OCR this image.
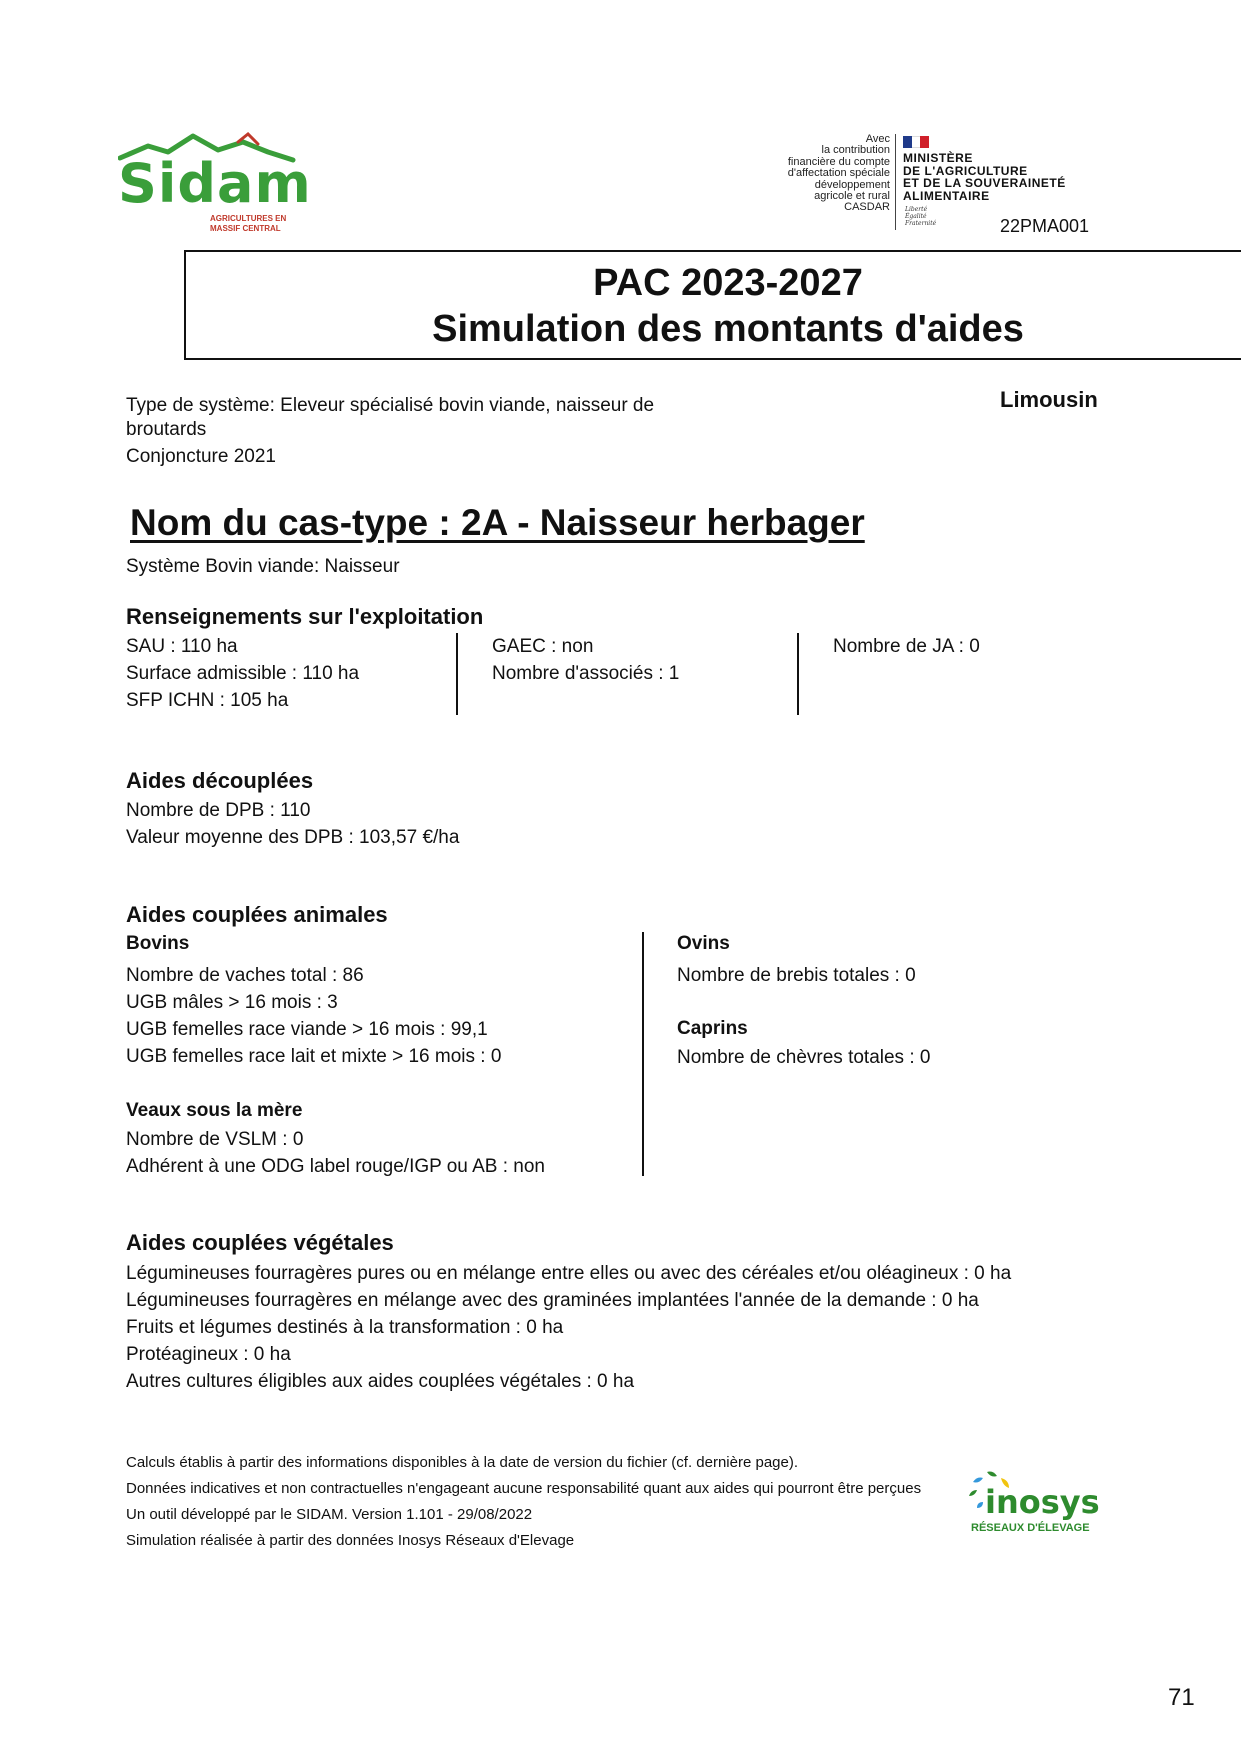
Sidam
AGRICULTURES EN
MASSIF CENTRAL
Avec
la contribution
financière du compte
d'affectation spéciale
développement
agricole et rural
CASDAR
MINISTÈRE
DE L'AGRICULTURE
ET DE LA SOUVERAINETÉ
ALIMENTAIRE
Liberté
Égalité
Fraternité	22PMA001
PAC 2023-2027
Simulation des montants d'aides
Type de système: Eleveur spécialisé bovin viande, naisseur de
broutards
Conjoncture 2021
Limousin
Nom du cas-type : 2A - Naisseur herbager
Système Bovin viande: Naisseur
Renseignements sur l'exploitation
SAU : 110 ha
Surface admissible : 110 ha
SFP ICHN : 105 ha
GAEC : non
Nombre d'associés : 1
Nombre de JA : 0
Aides découplées
Nombre de DPB : 110
Valeur moyenne des DPB : 103,57 €/ha
Aides couplées animales
Bovins
Nombre de vaches total : 86
UGB mâles > 16 mois : 3
UGB femelles race viande > 16 mois : 99,1
UGB femelles race lait et mixte > 16 mois : 0
Veaux sous la mère
Nombre de VSLM : 0
Adhérent à une ODG label rouge/IGP ou AB : non
Ovins
Nombre de brebis totales : 0
Caprins
Nombre de chèvres totales : 0
Aides couplées végétales
Légumineuses fourragères pures ou en mélange entre elles ou avec des céréales et/ou oléagineux : 0 ha
Légumineuses fourragères en mélange avec des graminées implantées l'année de la demande : 0 ha
Fruits et légumes destinés à la transformation : 0 ha
Protéagineux : 0 ha
Autres cultures éligibles aux aides couplées végétales : 0 ha
Calculs établis à partir des informations disponibles à la date de version du fichier (cf. dernière page).
Données indicatives et non contractuelles n'engageant aucune responsabilité quant aux aides qui pourront être perçues
Un outil développé par le SIDAM. Version 1.101 - 29/08/2022
Simulation réalisée à partir des données Inosys Réseaux d'Elevage
inosys
RÉSEAUX D'ÉLEVAGE
71
